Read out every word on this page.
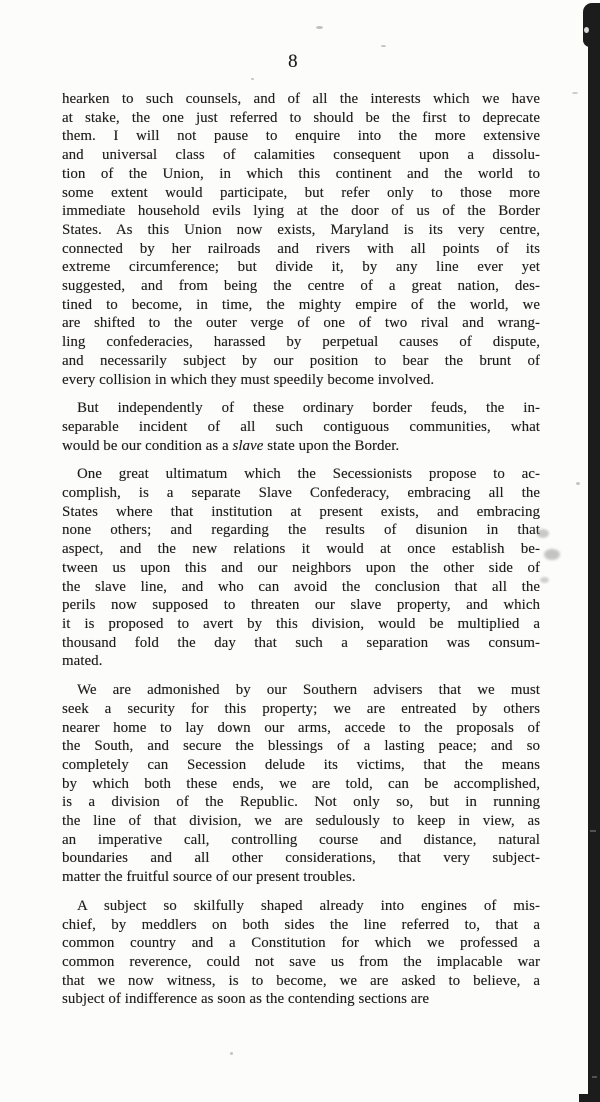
8
hearken to such counsels, and of all the interests which we have
at stake, the one just referred to should be the first to deprecate
them. I will not pause to enquire into the more extensive
and universal class of calamities consequent upon a dissolu-
tion of the Union, in which this continent and the world to
some extent would participate, but refer only to those more
immediate household evils lying at the door of us of the Border
States. As this Union now exists, Maryland is its very centre,
connected by her railroads and rivers with all points of its
extreme circumference; but divide it, by any line ever yet
suggested, and from being the centre of a great nation, des-
tined to become, in time, the mighty empire of the world, we
are shifted to the outer verge of one of two rival and wrang-
ling confederacies, harassed by perpetual causes of dispute,
and necessarily subject by our position to bear the brunt of
every collision in which they must speedily become involved.
But independently of these ordinary border feuds, the in-
separable incident of all such contiguous communities, what
would be our condition as a slave state upon the Border.
One great ultimatum which the Secessionists propose to ac-
complish, is a separate Slave Confederacy, embracing all the
States where that institution at present exists, and embracing
none others; and regarding the results of disunion in that
aspect, and the new relations it would at once establish be-
tween us upon this and our neighbors upon the other side of
the slave line, and who can avoid the conclusion that all the
perils now supposed to threaten our slave property, and which
it is proposed to avert by this division, would be multiplied a
thousand fold the day that such a separation was consum-
mated.
We are admonished by our Southern advisers that we must
seek a security for this property; we are entreated by others
nearer home to lay down our arms, accede to the proposals of
the South, and secure the blessings of a lasting peace; and so
completely can Secession delude its victims, that the means
by which both these ends, we are told, can be accomplished,
is a division of the Republic. Not only so, but in running
the line of that division, we are sedulously to keep in view, as
an imperative call, controlling course and distance, natural
boundaries and all other considerations, that very subject-
matter the fruitful source of our present troubles.
A subject so skilfully shaped already into engines of mis-
chief, by meddlers on both sides the line referred to, that a
common country and a Constitution for which we professed a
common reverence, could not save us from the implacable war
that we now witness, is to become, we are asked to believe, a
subject of indifference as soon as the contending sections are
